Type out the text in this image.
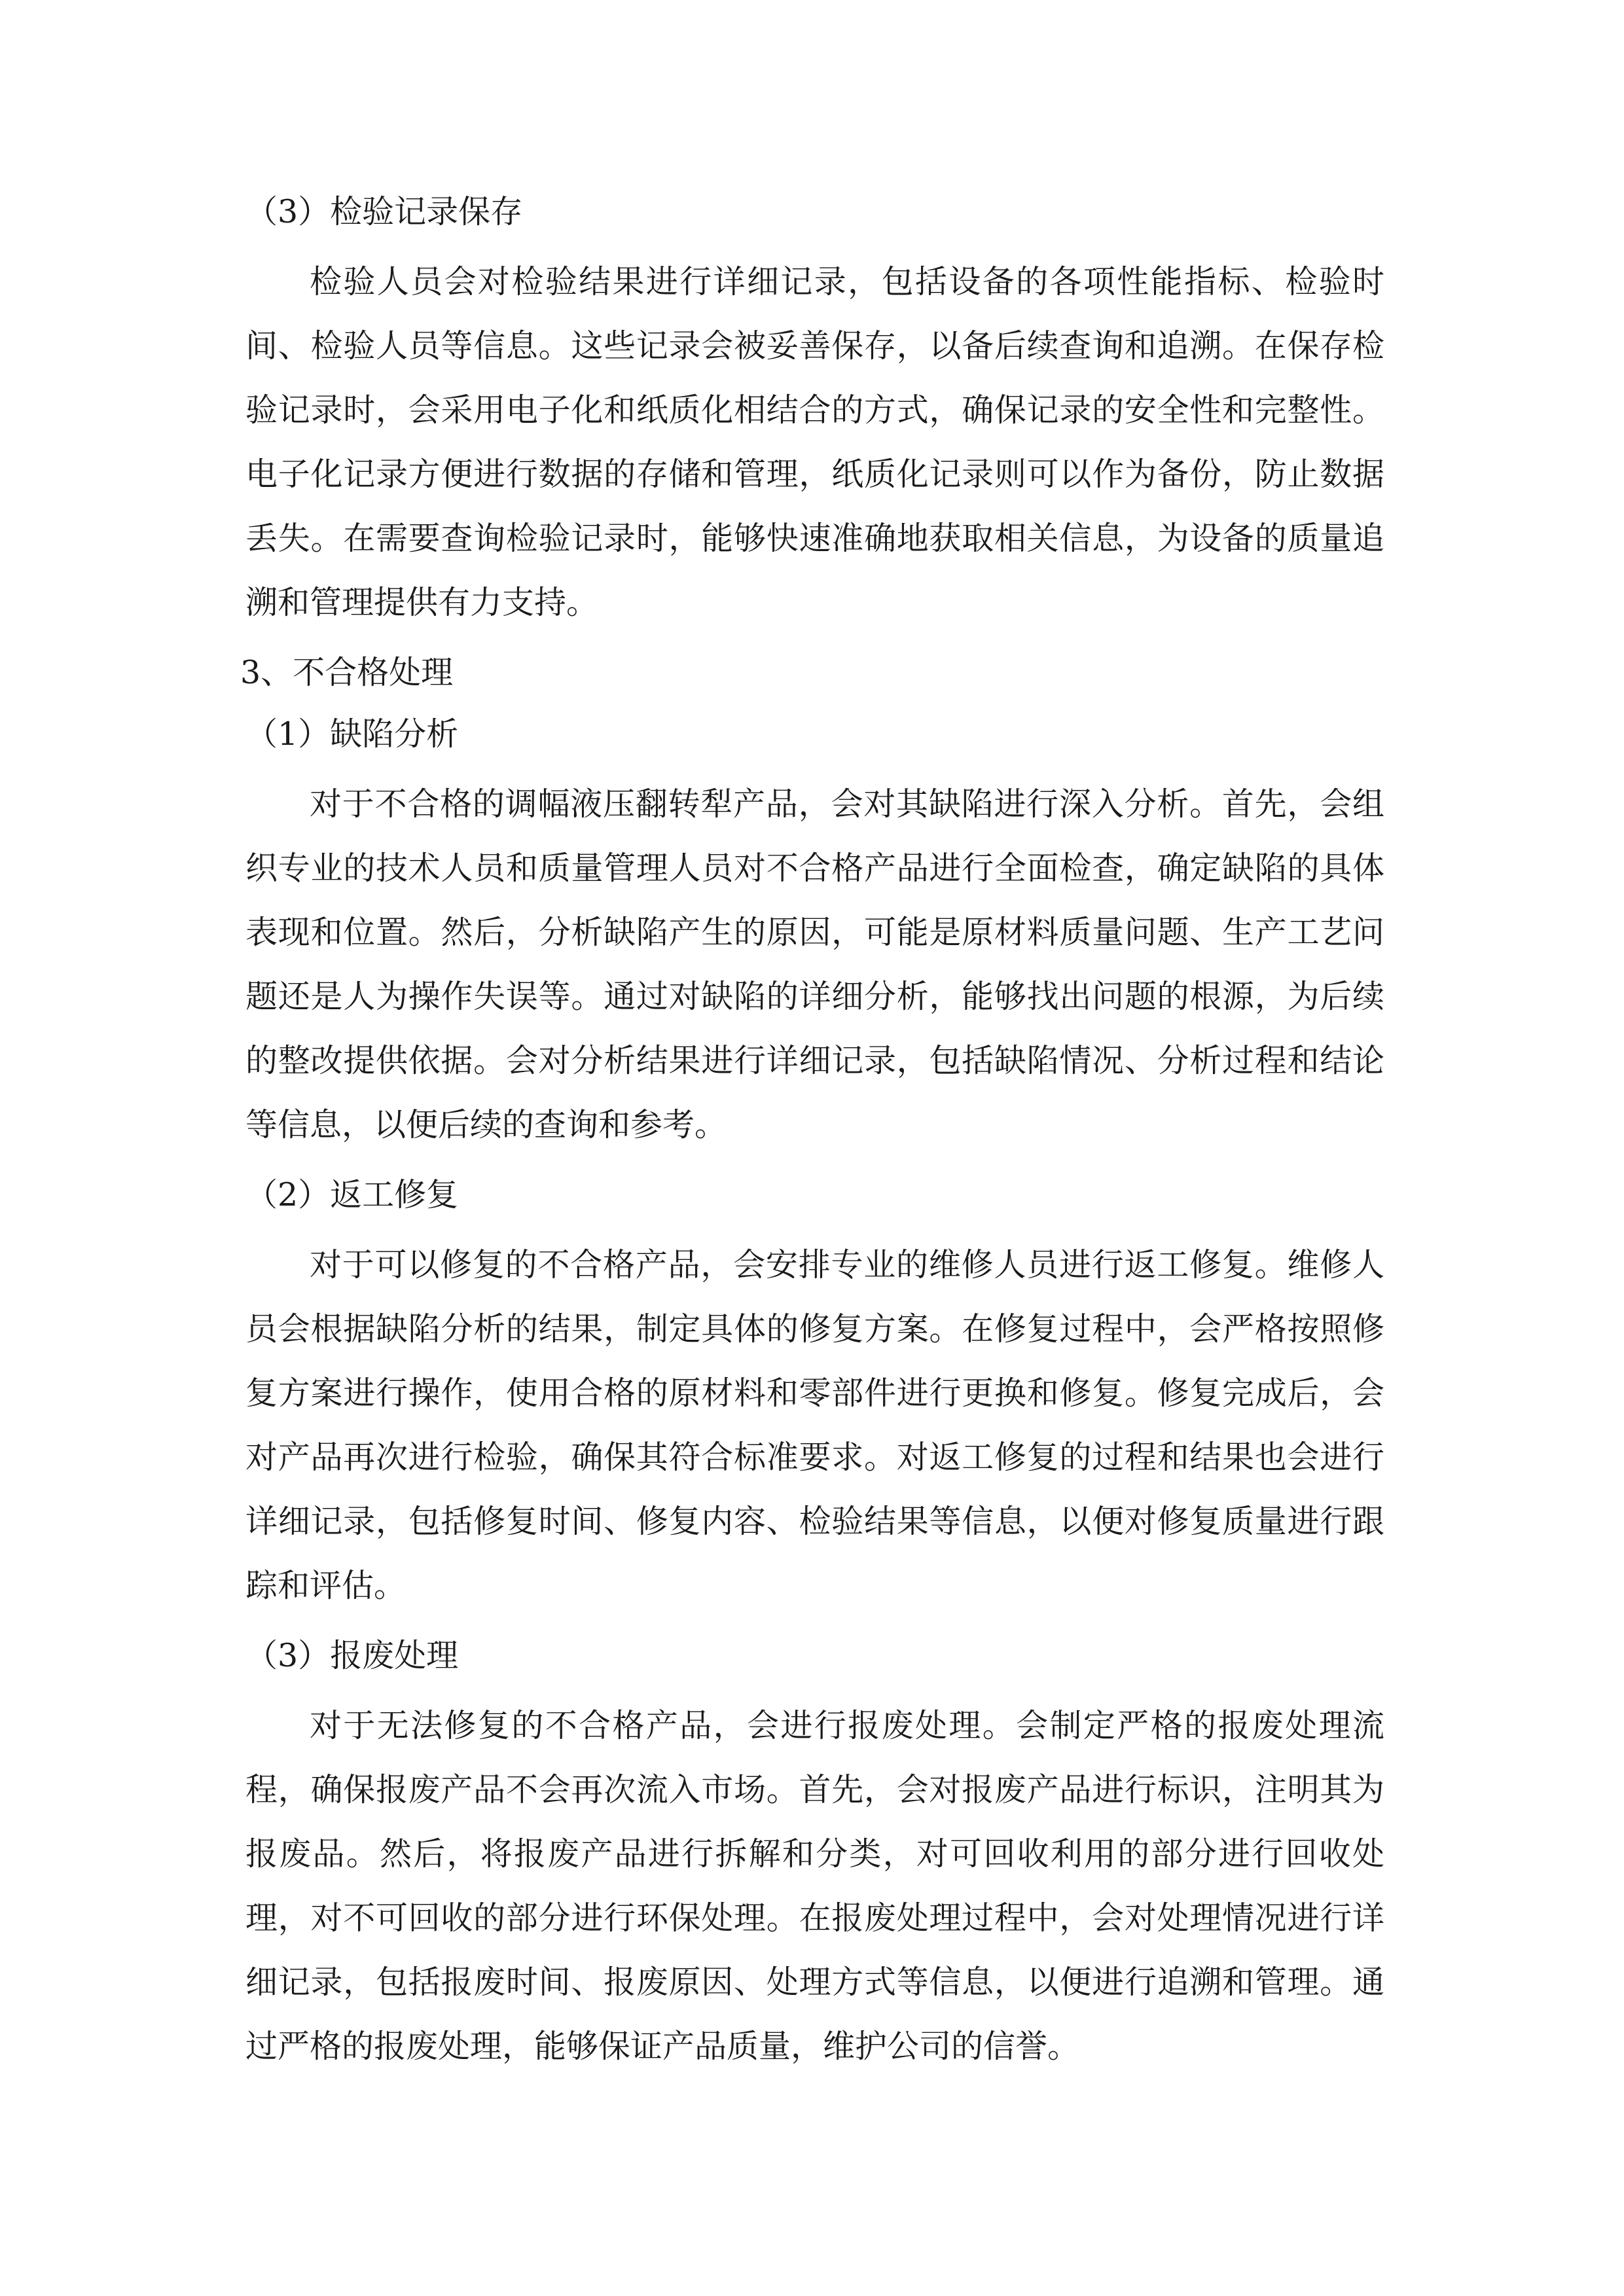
（3）检验记录保存

检验人员会对检验结果进行详细记录，包括设备的各项性能指标、检验时间、检验人员等信息。这些记录会被妥善保存，以备后续查询和追溯。在保存检验记录时，会采用电子化和纸质化相结合的方式，确保记录的安全性和完整性。电子化记录方便进行数据的存储和管理，纸质化记录则可以作为备份，防止数据丢失。在需要查询检验记录时，能够快速准确地获取相关信息，为设备的质量追溯和管理提供有力支持。

3、不合格处理
（1）缺陷分析

对于不合格的调幅液压翻转犁产品，会对其缺陷进行深入分析。首先，会组织专业的技术人员和质量管理人员对不合格产品进行全面检查，确定缺陷的具体表现和位置。然后，分析缺陷产生的原因，可能是原材料质量问题、生产工艺问题还是人为操作失误等。通过对缺陷的详细分析，能够找出问题的根源，为后续的整改提供依据。会对分析结果进行详细记录，包括缺陷情况、分析过程和结论等信息，以便后续的查询和参考。

（2）返工修复

对于可以修复的不合格产品，会安排专业的维修人员进行返工修复。维修人员会根据缺陷分析的结果，制定具体的修复方案。在修复过程中，会严格按照修复方案进行操作，使用合格的原材料和零部件进行更换和修复。修复完成后，会对产品再次进行检验，确保其符合标准要求。对返工修复的过程和结果也会进行详细记录，包括修复时间、修复内容、检验结果等信息，以便对修复质量进行跟踪和评估。

（3）报废处理

对于无法修复的不合格产品，会进行报废处理。会制定严格的报废处理流程，确保报废产品不会再次流入市场。首先，会对报废产品进行标识，注明其为报废品。然后，将报废产品进行拆解和分类，对可回收利用的部分进行回收处理，对不可回收的部分进行环保处理。在报废处理过程中，会对处理情况进行详细记录，包括报废时间、报废原因、处理方式等信息，以便进行追溯和管理。通过严格的报废处理，能够保证产品质量，维护公司的信誉。
